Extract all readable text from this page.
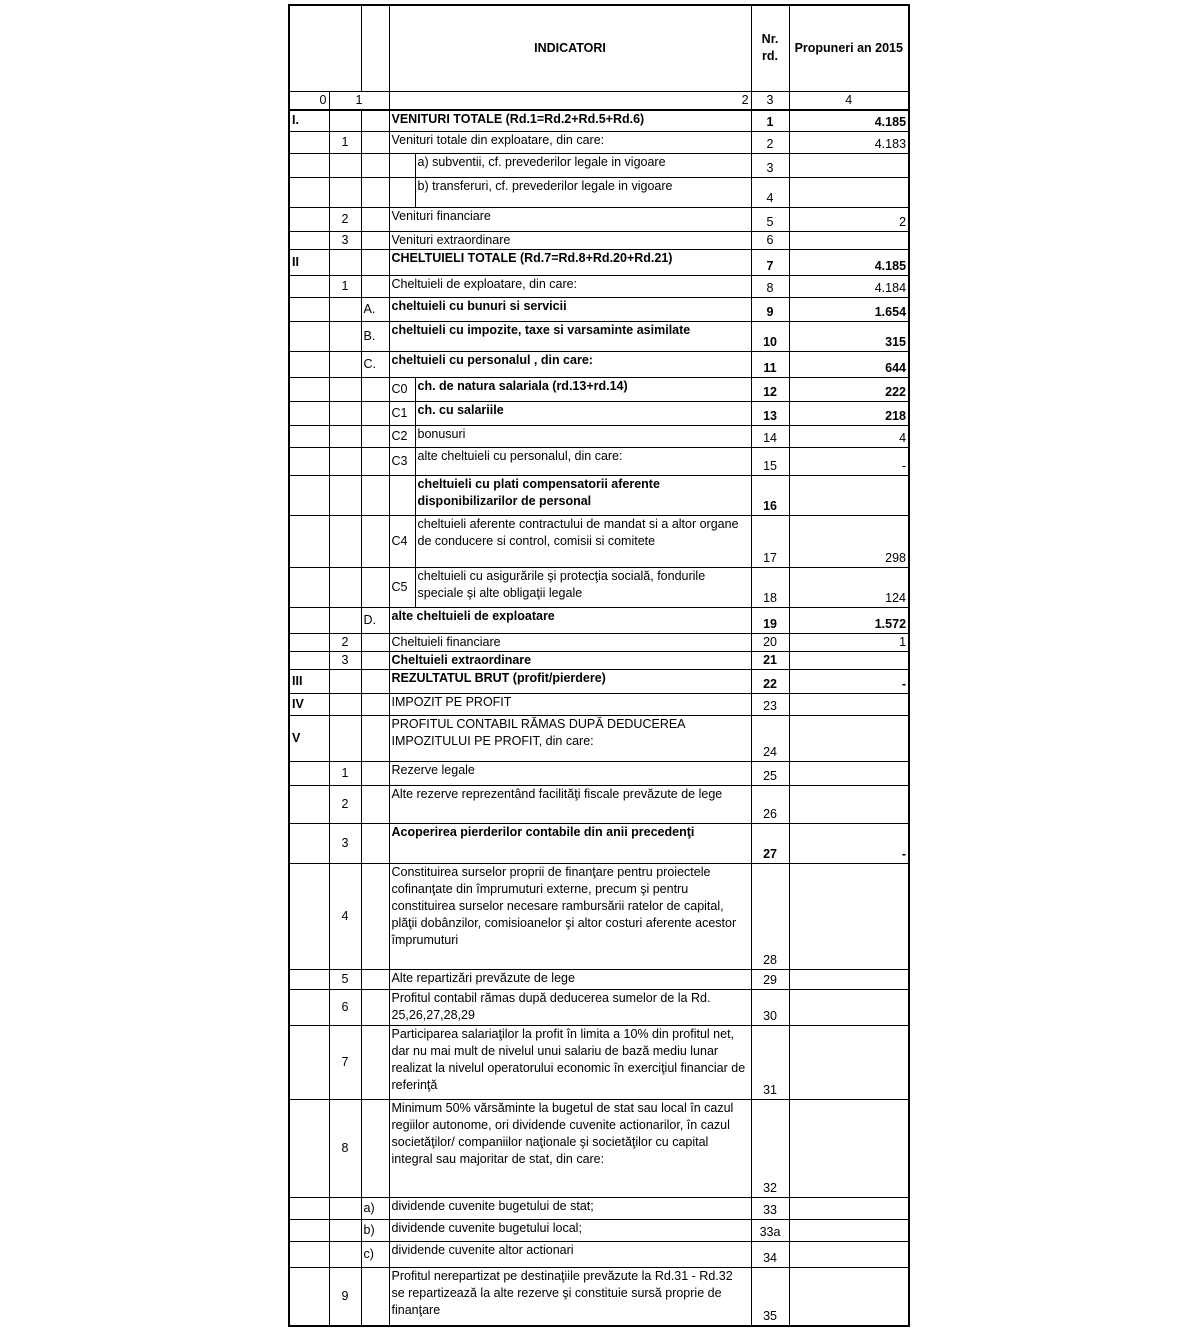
			INDICATORI		Nr. rd.	Propuneri an 2015
0	1		2		3	4
I.			VENITURI TOTALE (Rd.1=Rd.2+Rd.5+Rd.6)		1	4.185
	1		Venituri totale din exploatare, din care:		2	4.183
				a) subventii, cf. prevederilor legale in vigoare	3	
				b) transferuri, cf. prevederilor legale in vigoare	4	
	2		Venituri financiare		5	2
	3		Venituri extraordinare		6	
II			CHELTUIELI TOTALE (Rd.7=Rd.8+Rd.20+Rd.21)		7	4.185
	1		Cheltuieli de exploatare, din care:		8	4.184
		A.	cheltuieli cu bunuri si servicii		9	1.654
		B.	cheltuieli cu impozite, taxe si varsaminte asimilate		10	315
		C.	cheltuieli cu personalul , din care:		11	644
			C0	ch. de natura salariala (rd.13+rd.14)	12	222
			C1	ch. cu salariile	13	218
			C2	bonusuri	14	4
			C3	alte cheltuieli cu personalul, din care:	15	-
				cheltuieli cu plati compensatorii aferente disponibilizarilor de personal	16	
			C4	cheltuieli aferente contractului de mandat si a altor organe de conducere si control, comisii si comitete	17	298
			C5	cheltuieli cu asigurările şi protecţia socială, fondurile speciale şi alte obligaţii legale	18	124
		D.	alte cheltuieli de exploatare		19	1.572
	2		Cheltuieli financiare		20	1
	3		Cheltuieli extraordinare		21	
III			REZULTATUL BRUT (profit/pierdere)		22	-
IV			IMPOZIT PE PROFIT		23	
V			PROFITUL CONTABIL RĂMAS DUPĂ DEDUCEREA IMPOZITULUI PE PROFIT, din care:		24	
	1		Rezerve legale		25	
	2		Alte rezerve reprezentând facilităţi fiscale prevăzute de lege		26	
	3		Acoperirea pierderilor contabile din anii precedenţi		27	-
	4		Constituirea surselor proprii de finanţare pentru proiectele cofinanţate din împrumuturi externe, precum şi pentru constituirea surselor necesare rambursării ratelor de capital, plăţii dobânzilor, comisioanelor şi altor costuri aferente acestor împrumuturi		28	
	5		Alte repartizări prevăzute de lege		29	
	6		Profitul contabil rămas după deducerea sumelor de la Rd. 25,26,27,28,29		30	
	7		Participarea salariaţilor la profit în limita a 10% din profitul net, dar nu mai mult de nivelul unui salariu de bază mediu lunar realizat la nivelul operatorului economic în exerciţiul financiar de referinţă		31	
	8		Minimum 50% vărsăminte la bugetul de stat sau local în cazul regiilor autonome, ori dividende cuvenite actionarilor, în cazul societăţilor/ companiilor naţionale şi societăţilor cu capital integral sau majoritar de stat, din care:		32	
		a)	dividende cuvenite bugetului de stat;		33	
		b)	dividende cuvenite bugetului local;		33a	
		c)	dividende cuvenite altor actionari		34	
	9		Profitul nerepartizat pe destinaţiile prevăzute la Rd.31 - Rd.32 se repartizează la alte rezerve şi constituie sursă proprie de finanţare		35	
